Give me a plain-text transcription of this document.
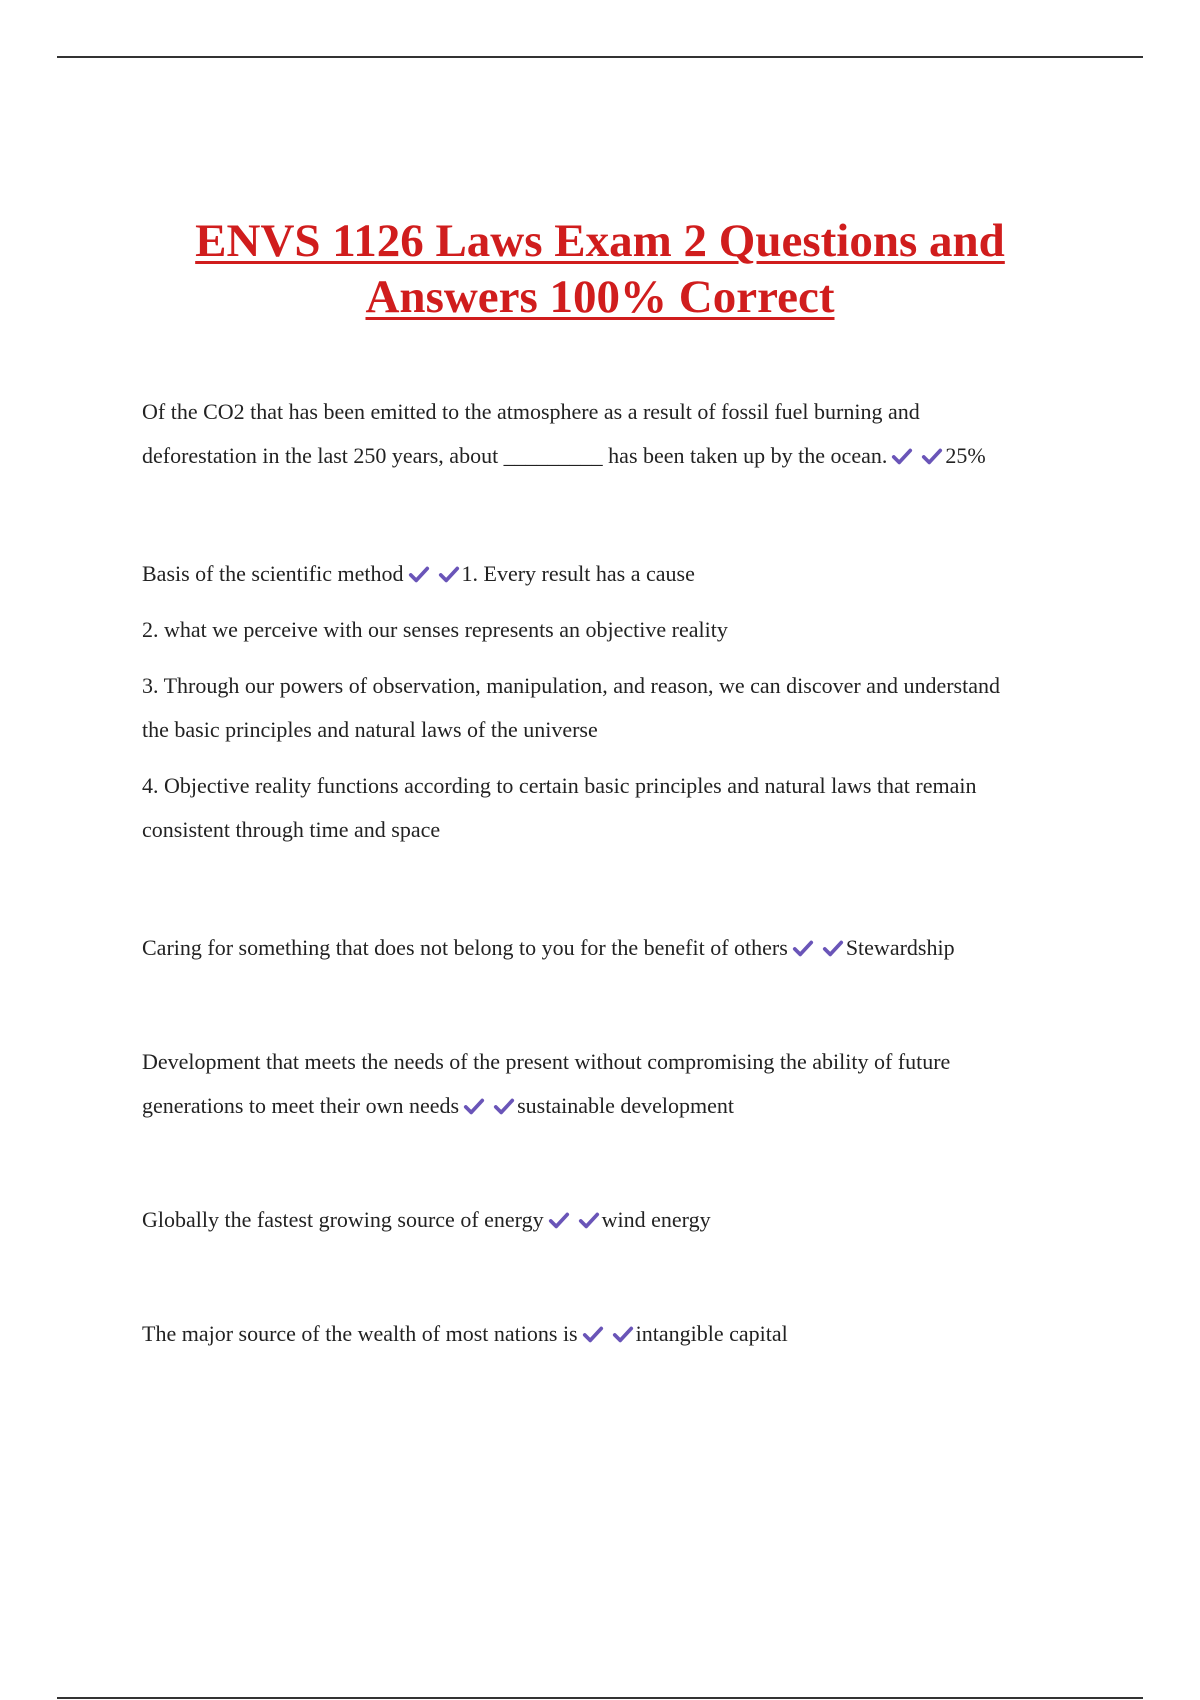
ENVS 1126 Laws Exam 2 Questions and
Answers 100% Correct

Of the CO2 that has been emitted to the atmosphere as a result of fossil fuel burning and

deforestation in the last 250 years, about _________ has been taken up by the ocean.	25%

Basis of the scientific method	1. Every result has a cause

2. what we perceive with our senses represents an objective reality

3. Through our powers of observation, manipulation, and reason, we can discover and understand

the basic principles and natural laws of the universe

4. Objective reality functions according to certain basic principles and natural laws that remain

consistent through time and space

Caring for something that does not belong to you for the benefit of others	Stewardship

Development that meets the needs of the present without compromising the ability of future

generations to meet their own needs	sustainable development

Globally the fastest growing source of energy	wind energy

The major source of the wealth of most nations is	intangible capital
